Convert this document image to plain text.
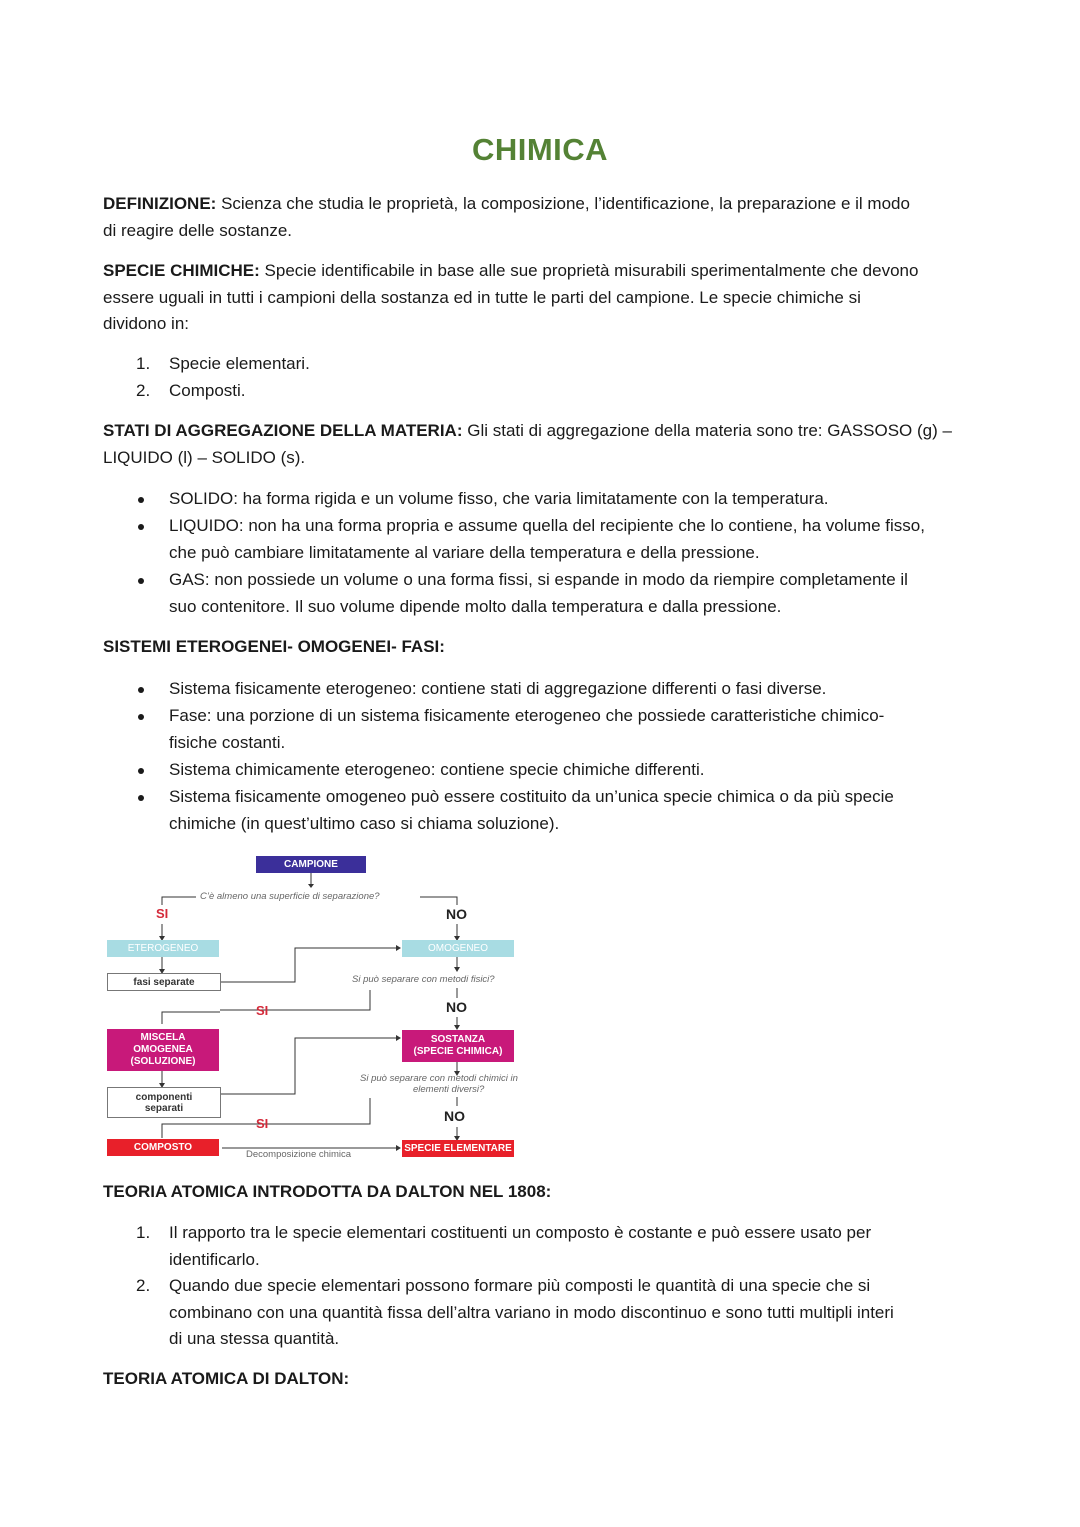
CHIMICA
DEFINIZIONE: Scienza che studia le proprietà, la composizione, l’identificazione, la preparazione e il modo
di reagire delle sostanze.
SPECIE CHIMICHE: Specie identificabile in base alle sue proprietà misurabili sperimentalmente che devono
essere uguali in tutti i campioni della sostanza ed in tutte le parti del campione. Le specie chimiche si
dividono in:
1.	Specie elementari.
2.	Composti.
STATI DI AGGREGAZIONE DELLA MATERIA: Gli stati di aggregazione della materia sono tre: GASSOSO (g) –
LIQUIDO (l) – SOLIDO (s).
SOLIDO: ha forma rigida e un volume fisso, che varia limitatamente con la temperatura.
LIQUIDO: non ha una forma propria e assume quella del recipiente che lo contiene, ha volume fisso,
che può cambiare limitatamente al variare della temperatura e della pressione.
GAS: non possiede un volume o una forma fissi, si espande in modo da riempire completamente il
suo contenitore. Il suo volume dipende molto dalla temperatura e dalla pressione.
SISTEMI ETEROGENEI- OMOGENEI- FASI:
Sistema fisicamente eterogeneo: contiene stati di aggregazione differenti o fasi diverse.
Fase: una porzione di un sistema fisicamente eterogeneo che possiede caratteristiche chimico-
fisiche costanti.
Sistema chimicamente eterogeneo: contiene specie chimiche differenti.
Sistema fisicamente omogeneo può essere costituito da un’unica specie chimica o da più specie
chimiche (in quest’ultimo caso si chiama soluzione).
CAMPIONE
C’è almeno una superficie di separazione?
SI	NO
ETEROGENEO	OMOGENEO
fasi separate	Si può separare con metodi fisici?
SI	NO
MISCELA
OMOGENEA
(SOLUZIONE)
SOSTANZA
(SPECIE CHIMICA)
componenti
separati
Si può separare con metodi chimici in
elementi diversi?
SI	NO
COMPOSTO
Decomposizione chimica
SPECIE ELEMENTARE
TEORIA ATOMICA INTRODOTTA DA DALTON NEL 1808:
1.	Il rapporto tra le specie elementari costituenti un composto è costante e può essere usato per
identificarlo.
2.	Quando due specie elementari possono formare più composti le quantità di una specie che si
combinano con una quantità fissa dell’altra variano in modo discontinuo e sono tutti multipli interi
di una stessa quantità.
TEORIA ATOMICA DI DALTON:
